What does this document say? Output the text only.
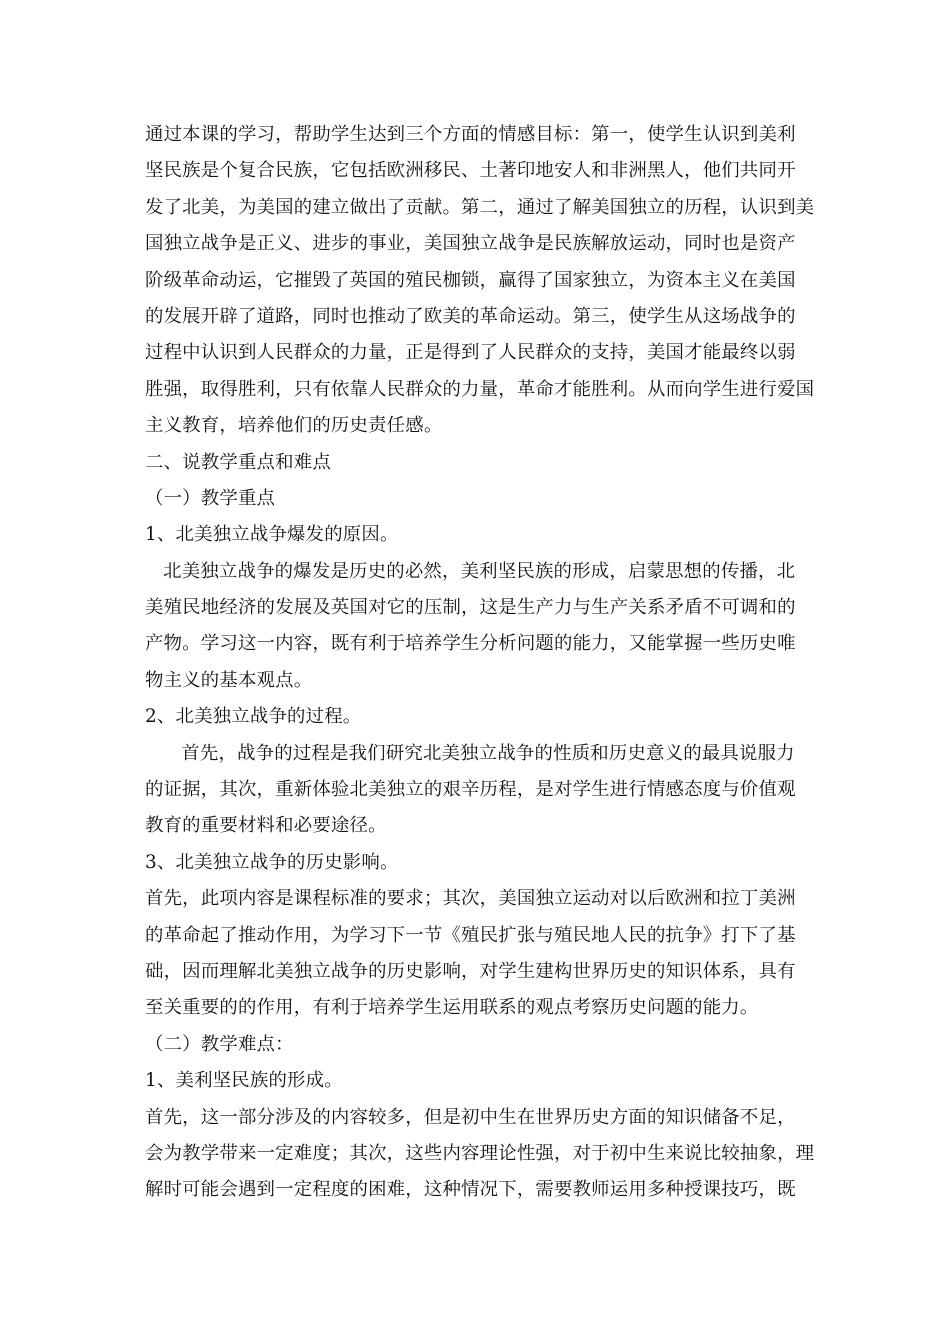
通过本课的学习，帮助学生达到三个方面的情感目标：第一，使学生认识到美利
坚民族是个复合民族，它包括欧洲移民、土著印地安人和非洲黑人，他们共同开
发了北美，为美国的建立做出了贡献。第二，通过了解美国独立的历程，认识到美
国独立战争是正义、进步的事业，美国独立战争是民族解放运动，同时也是资产
阶级革命动运，它摧毁了英国的殖民枷锁，赢得了国家独立，为资本主义在美国
的发展开辟了道路，同时也推动了欧美的革命运动。第三，使学生从这场战争的
过程中认识到人民群众的力量，正是得到了人民群众的支持，美国才能最终以弱
胜强，取得胜利，只有依靠人民群众的力量，革命才能胜利。从而向学生进行爱国
主义教育，培养他们的历史责任感。
二、说教学重点和难点
（一）教学重点
1、北美独立战争爆发的原因。
北美独立战争的爆发是历史的必然，美利坚民族的形成，启蒙思想的传播，北
美殖民地经济的发展及英国对它的压制，这是生产力与生产关系矛盾不可调和的
产物。学习这一内容，既有利于培养学生分析问题的能力，又能掌握一些历史唯
物主义的基本观点。
2、北美独立战争的过程。
首先，战争的过程是我们研究北美独立战争的性质和历史意义的最具说服力
的证据，其次，重新体验北美独立的艰辛历程，是对学生进行情感态度与价值观
教育的重要材料和必要途径。
3、北美独立战争的历史影响。
首先，此项内容是课程标准的要求；其次，美国独立运动对以后欧洲和拉丁美洲
的革命起了推动作用，为学习下一节《殖民扩张与殖民地人民的抗争》打下了基
础，因而理解北美独立战争的历史影响，对学生建构世界历史的知识体系，具有
至关重要的的作用，有利于培养学生运用联系的观点考察历史问题的能力。
（二）教学难点：
1、美利坚民族的形成。
首先，这一部分涉及的内容较多，但是初中生在世界历史方面的知识储备不足，
会为教学带来一定难度；其次，这些内容理论性强，对于初中生来说比较抽象，理
解时可能会遇到一定程度的困难，这种情况下，需要教师运用多种授课技巧，既
